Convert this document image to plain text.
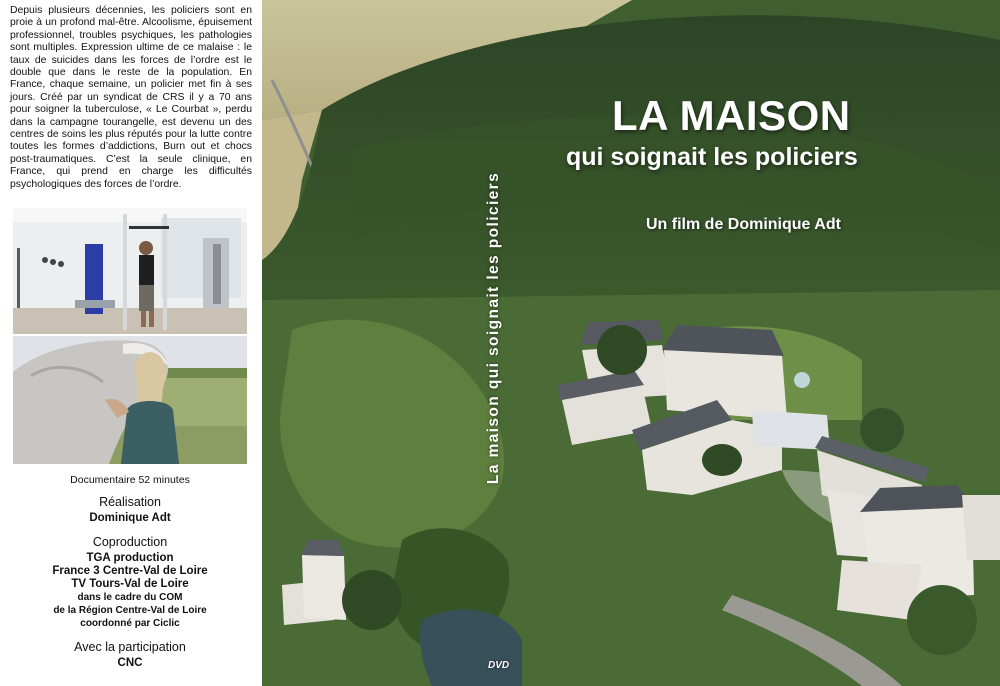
Depuis plusieurs décennies, les policiers sont en proie à un profond mal-être. Alcoolisme, épuisement professionnel, troubles psychiques, les pathologies sont multiples. Expression ultime de ce malaise : le taux de suicides dans les forces de l’ordre est le double que dans le reste de la population. En France, chaque semaine, un policier met fin à ses jours. Créé par un syndicat de CRS il y a 70 ans pour soigner la tuberculose, « Le Courbat », perdu dans la campagne tourangelle, est devenu un des centres de soins les plus réputés pour la lutte contre toutes les formes d’addictions, Burn out et chocs post-traumatiques. C’est la seule clinique, en France, qui prend en charge les difficultés psychologiques des forces de l’ordre.

Documentaire 52 minutes
Réalisation
Dominique Adt
Coproduction
TGA production
France 3 Centre-Val de Loire
TV Tours-Val de Loire
dans le cadre du COM
de la Région Centre-Val de Loire
coordonné par Ciclic
Avec la participation
CNC
LA MAISON
qui soignait les policiers
Un film de Dominique Adt
DVD
La maison qui soignait les policiers
